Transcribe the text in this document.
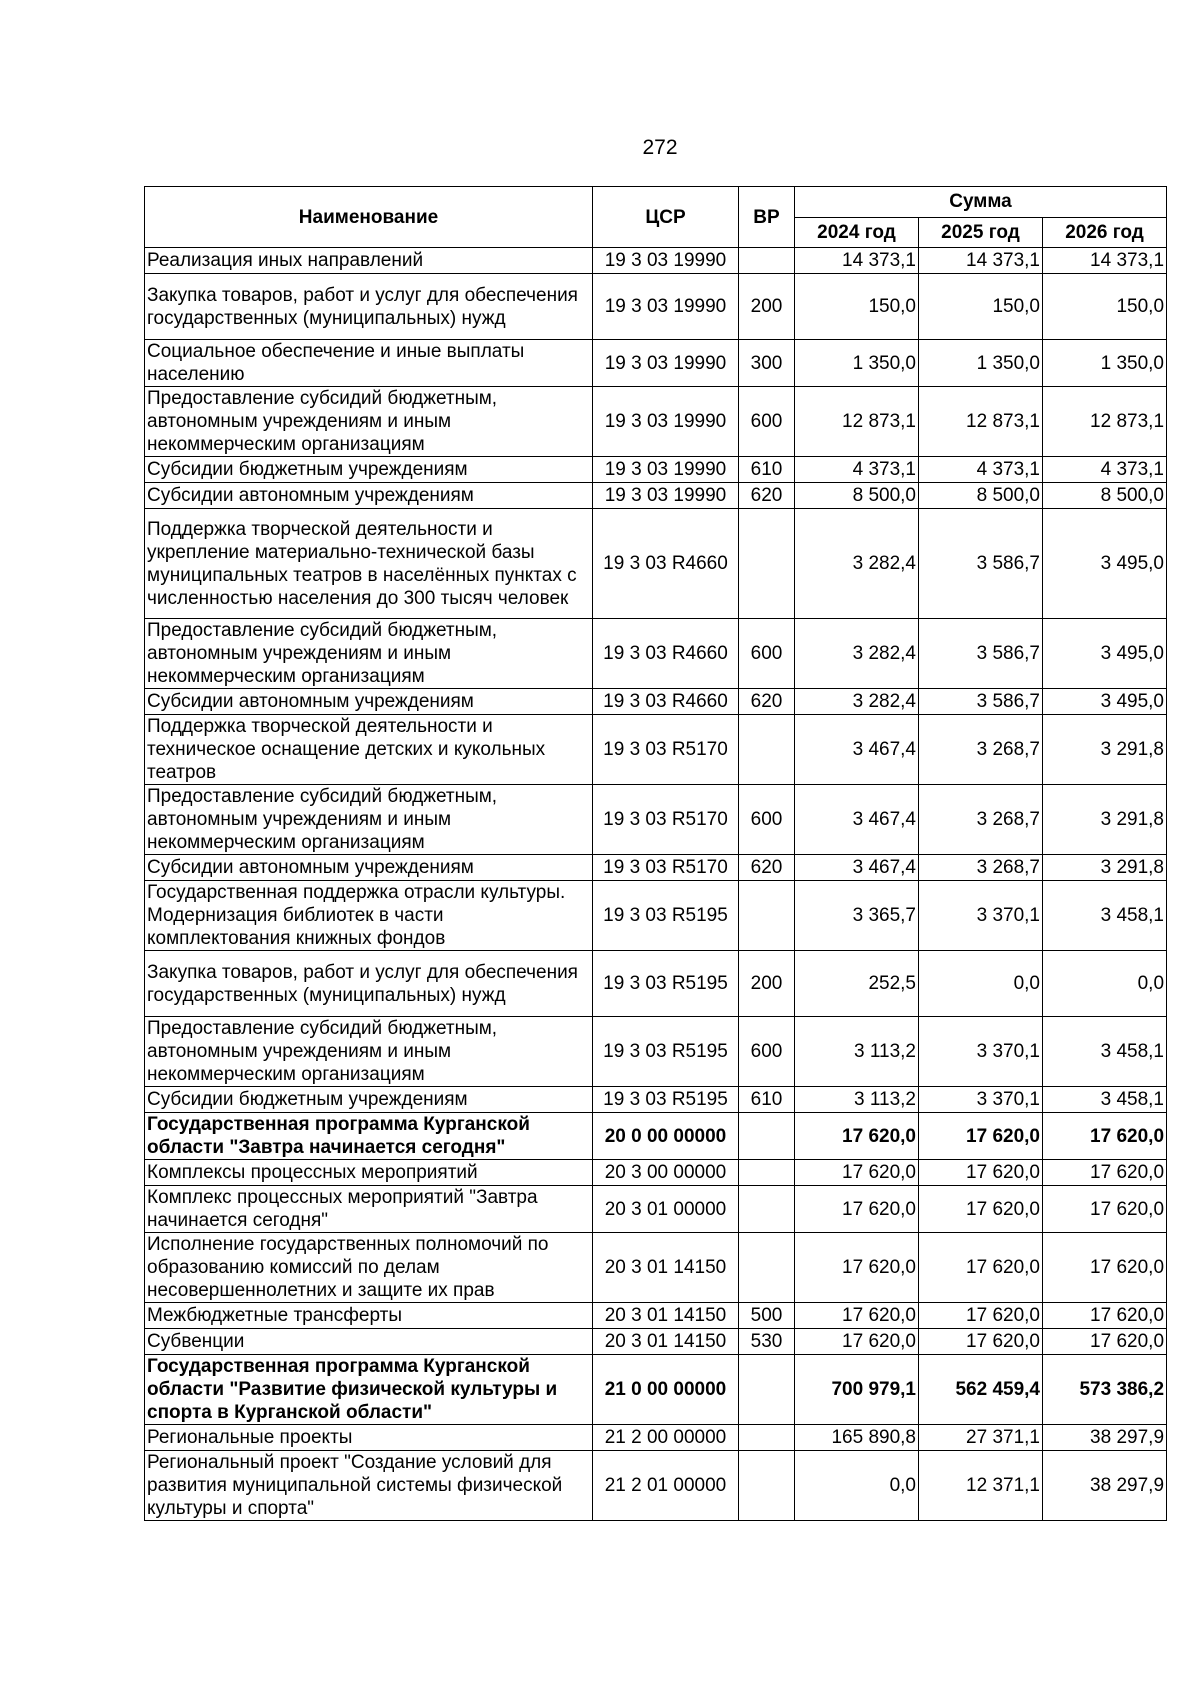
272
Наименование	ЦСР	ВР	Сумма		
			2024 год	2025 год	2026 год
Реализация иных направлений	19 3 03 19990		14 373,1	14 373,1	14 373,1
Закупка товаров, работ и услуг для обеспечения государственных (муниципальных) нужд	19 3 03 19990	200	150,0	150,0	150,0
Социальное обеспечение и иные выплаты населению	19 3 03 19990	300	1 350,0	1 350,0	1 350,0
Предоставление субсидий бюджетным, автономным учреждениям и иным некоммерческим организациям	19 3 03 19990	600	12 873,1	12 873,1	12 873,1
Субсидии бюджетным учреждениям	19 3 03 19990	610	4 373,1	4 373,1	4 373,1
Субсидии автономным учреждениям	19 3 03 19990	620	8 500,0	8 500,0	8 500,0
Поддержка творческой деятельности и укрепление материально-технической базы муниципальных театров в населённых пунктах с численностью населения до 300 тысяч человек	19 3 03 R4660		3 282,4	3 586,7	3 495,0
Предоставление субсидий бюджетным, автономным учреждениям и иным некоммерческим организациям	19 3 03 R4660	600	3 282,4	3 586,7	3 495,0
Субсидии автономным учреждениям	19 3 03 R4660	620	3 282,4	3 586,7	3 495,0
Поддержка творческой деятельности и техническое оснащение детских и кукольных театров	19 3 03 R5170		3 467,4	3 268,7	3 291,8
Предоставление субсидий бюджетным, автономным учреждениям и иным некоммерческим организациям	19 3 03 R5170	600	3 467,4	3 268,7	3 291,8
Субсидии автономным учреждениям	19 3 03 R5170	620	3 467,4	3 268,7	3 291,8
Государственная поддержка отрасли культуры. Модернизация библиотек в части комплектования книжных фондов	19 3 03 R5195		3 365,7	3 370,1	3 458,1
Закупка товаров, работ и услуг для обеспечения государственных (муниципальных) нужд	19 3 03 R5195	200	252,5	0,0	0,0
Предоставление субсидий бюджетным, автономным учреждениям и иным некоммерческим организациям	19 3 03 R5195	600	3 113,2	3 370,1	3 458,1
Субсидии бюджетным учреждениям	19 3 03 R5195	610	3 113,2	3 370,1	3 458,1
Государственная программа Курганской области "Завтра начинается сегодня"	20 0 00 00000		17 620,0	17 620,0	17 620,0
Комплексы процессных мероприятий	20 3 00 00000		17 620,0	17 620,0	17 620,0
Комплекс процессных мероприятий "Завтра начинается сегодня"	20 3 01 00000		17 620,0	17 620,0	17 620,0
Исполнение государственных полномочий по образованию комиссий по делам несовершеннолетних и защите их прав	20 3 01 14150		17 620,0	17 620,0	17 620,0
Межбюджетные трансферты	20 3 01 14150	500	17 620,0	17 620,0	17 620,0
Субвенции	20 3 01 14150	530	17 620,0	17 620,0	17 620,0
Государственная программа Курганской области "Развитие физической культуры и спорта в Курганской области"	21 0 00 00000		700 979,1	562 459,4	573 386,2
Региональные проекты	21 2 00 00000		165 890,8	27 371,1	38 297,9
Региональный проект "Создание условий для развития муниципальной системы физической культуры и спорта"	21 2 01 00000		0,0	12 371,1	38 297,9
